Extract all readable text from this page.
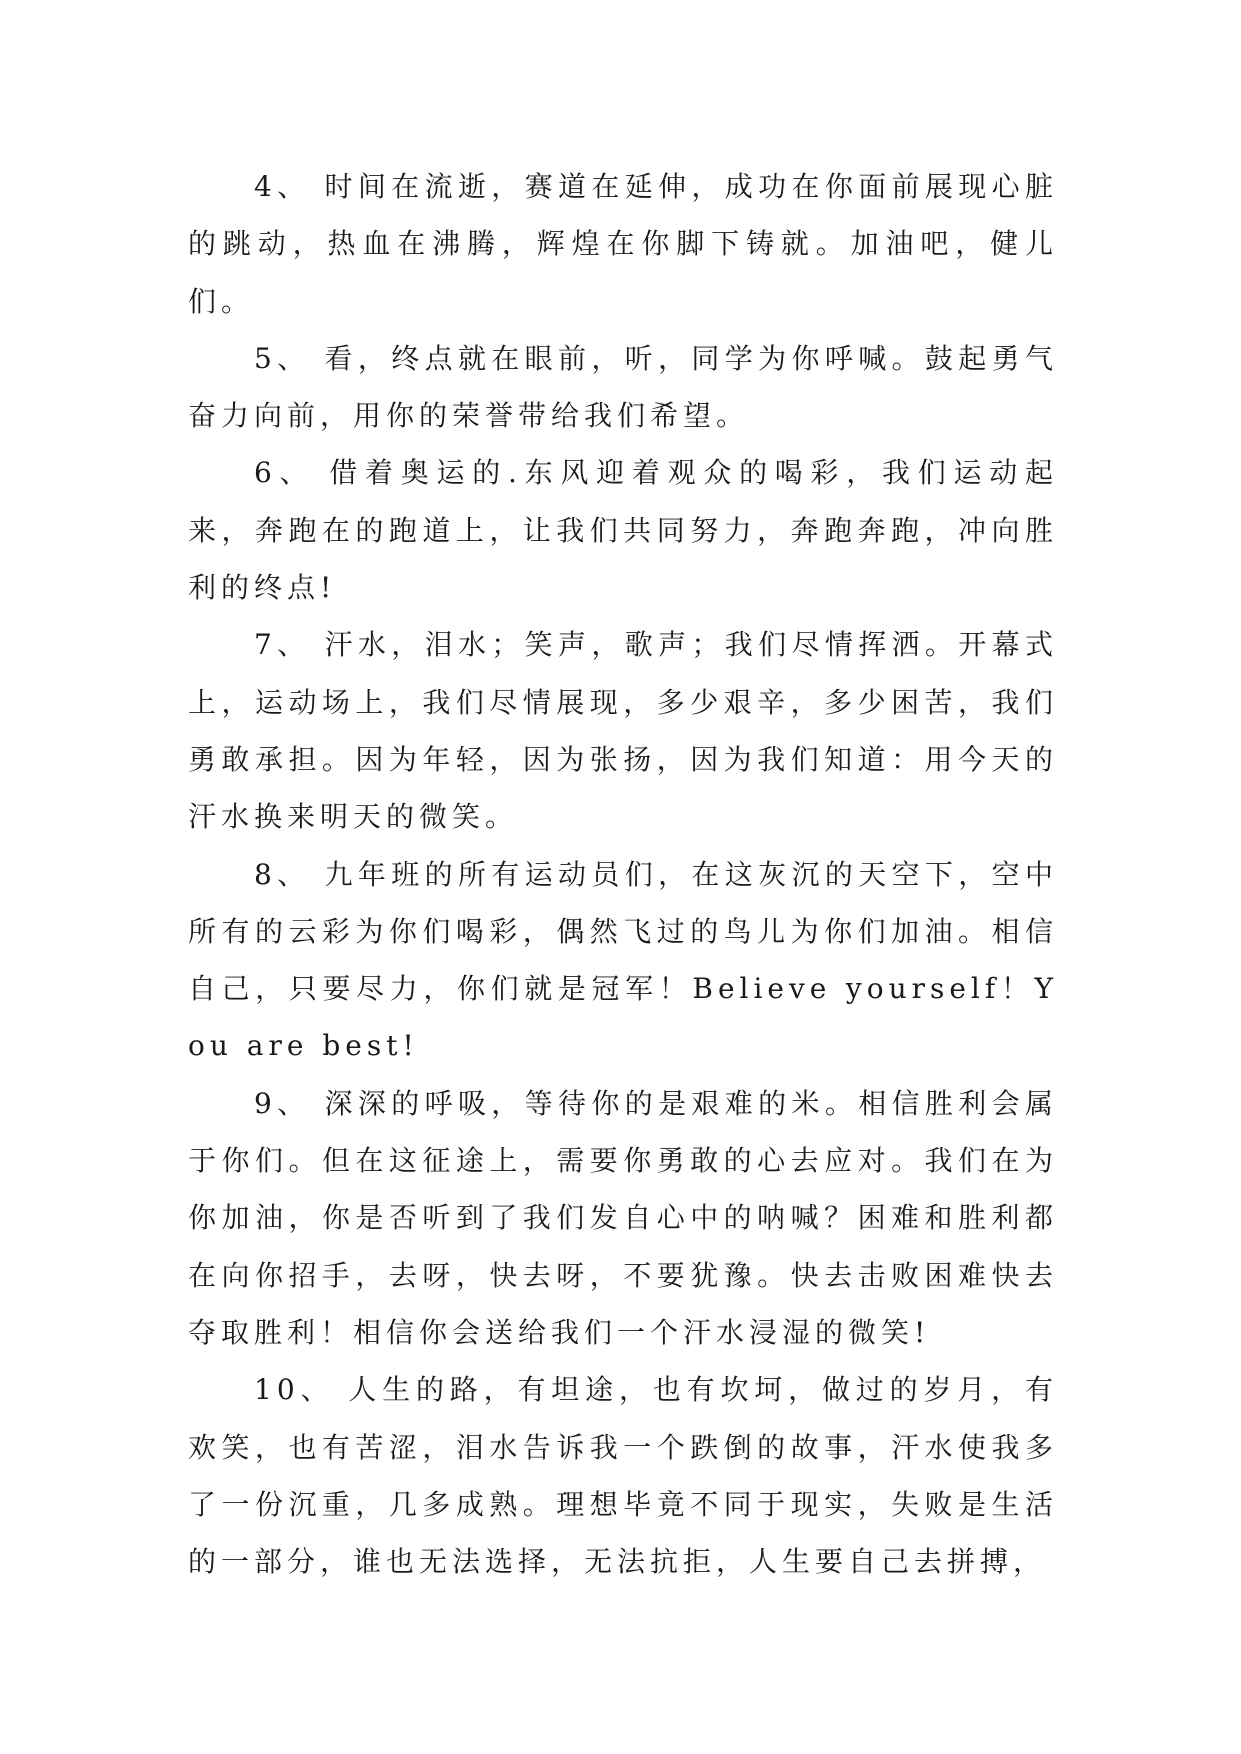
4、 时间在流逝，赛道在延伸，成功在你面前展现心脏的跳动，热血在沸腾，辉煌在你脚下铸就。加油吧，健儿们。

5、 看，终点就在眼前，听，同学为你呼喊。鼓起勇气奋力向前，用你的荣誉带给我们希望。

6、 借着奥运的.东风迎着观众的喝彩，我们运动起来，奔跑在的跑道上，让我们共同努力，奔跑奔跑，冲向胜利的终点!

7、 汗水，泪水；笑声，歌声；我们尽情挥洒。开幕式上，运动场上，我们尽情展现，多少艰辛，多少困苦，我们勇敢承担。因为年轻，因为张扬，因为我们知道：用今天的汗水换来明天的微笑。

8、 九年班的所有运动员们，在这灰沉的天空下，空中所有的云彩为你们喝彩，偶然飞过的鸟儿为你们加油。相信自己，只要尽力，你们就是冠军！Believe yourself！You are best!

9、 深深的呼吸，等待你的是艰难的米。相信胜利会属于你们。但在这征途上，需要你勇敢的心去应对。我们在为你加油，你是否听到了我们发自心中的呐喊？困难和胜利都在向你招手，去呀，快去呀，不要犹豫。快去击败困难快去夺取胜利！相信你会送给我们一个汗水浸湿的微笑!

10、 人生的路，有坦途，也有坎坷，做过的岁月，有欢笑，也有苦涩，泪水告诉我一个跌倒的故事，汗水使我多了一份沉重，几多成熟。理想毕竟不同于现实，失败是生活的一部分，谁也无法选择，无法抗拒，人生要自己去拼搏，
